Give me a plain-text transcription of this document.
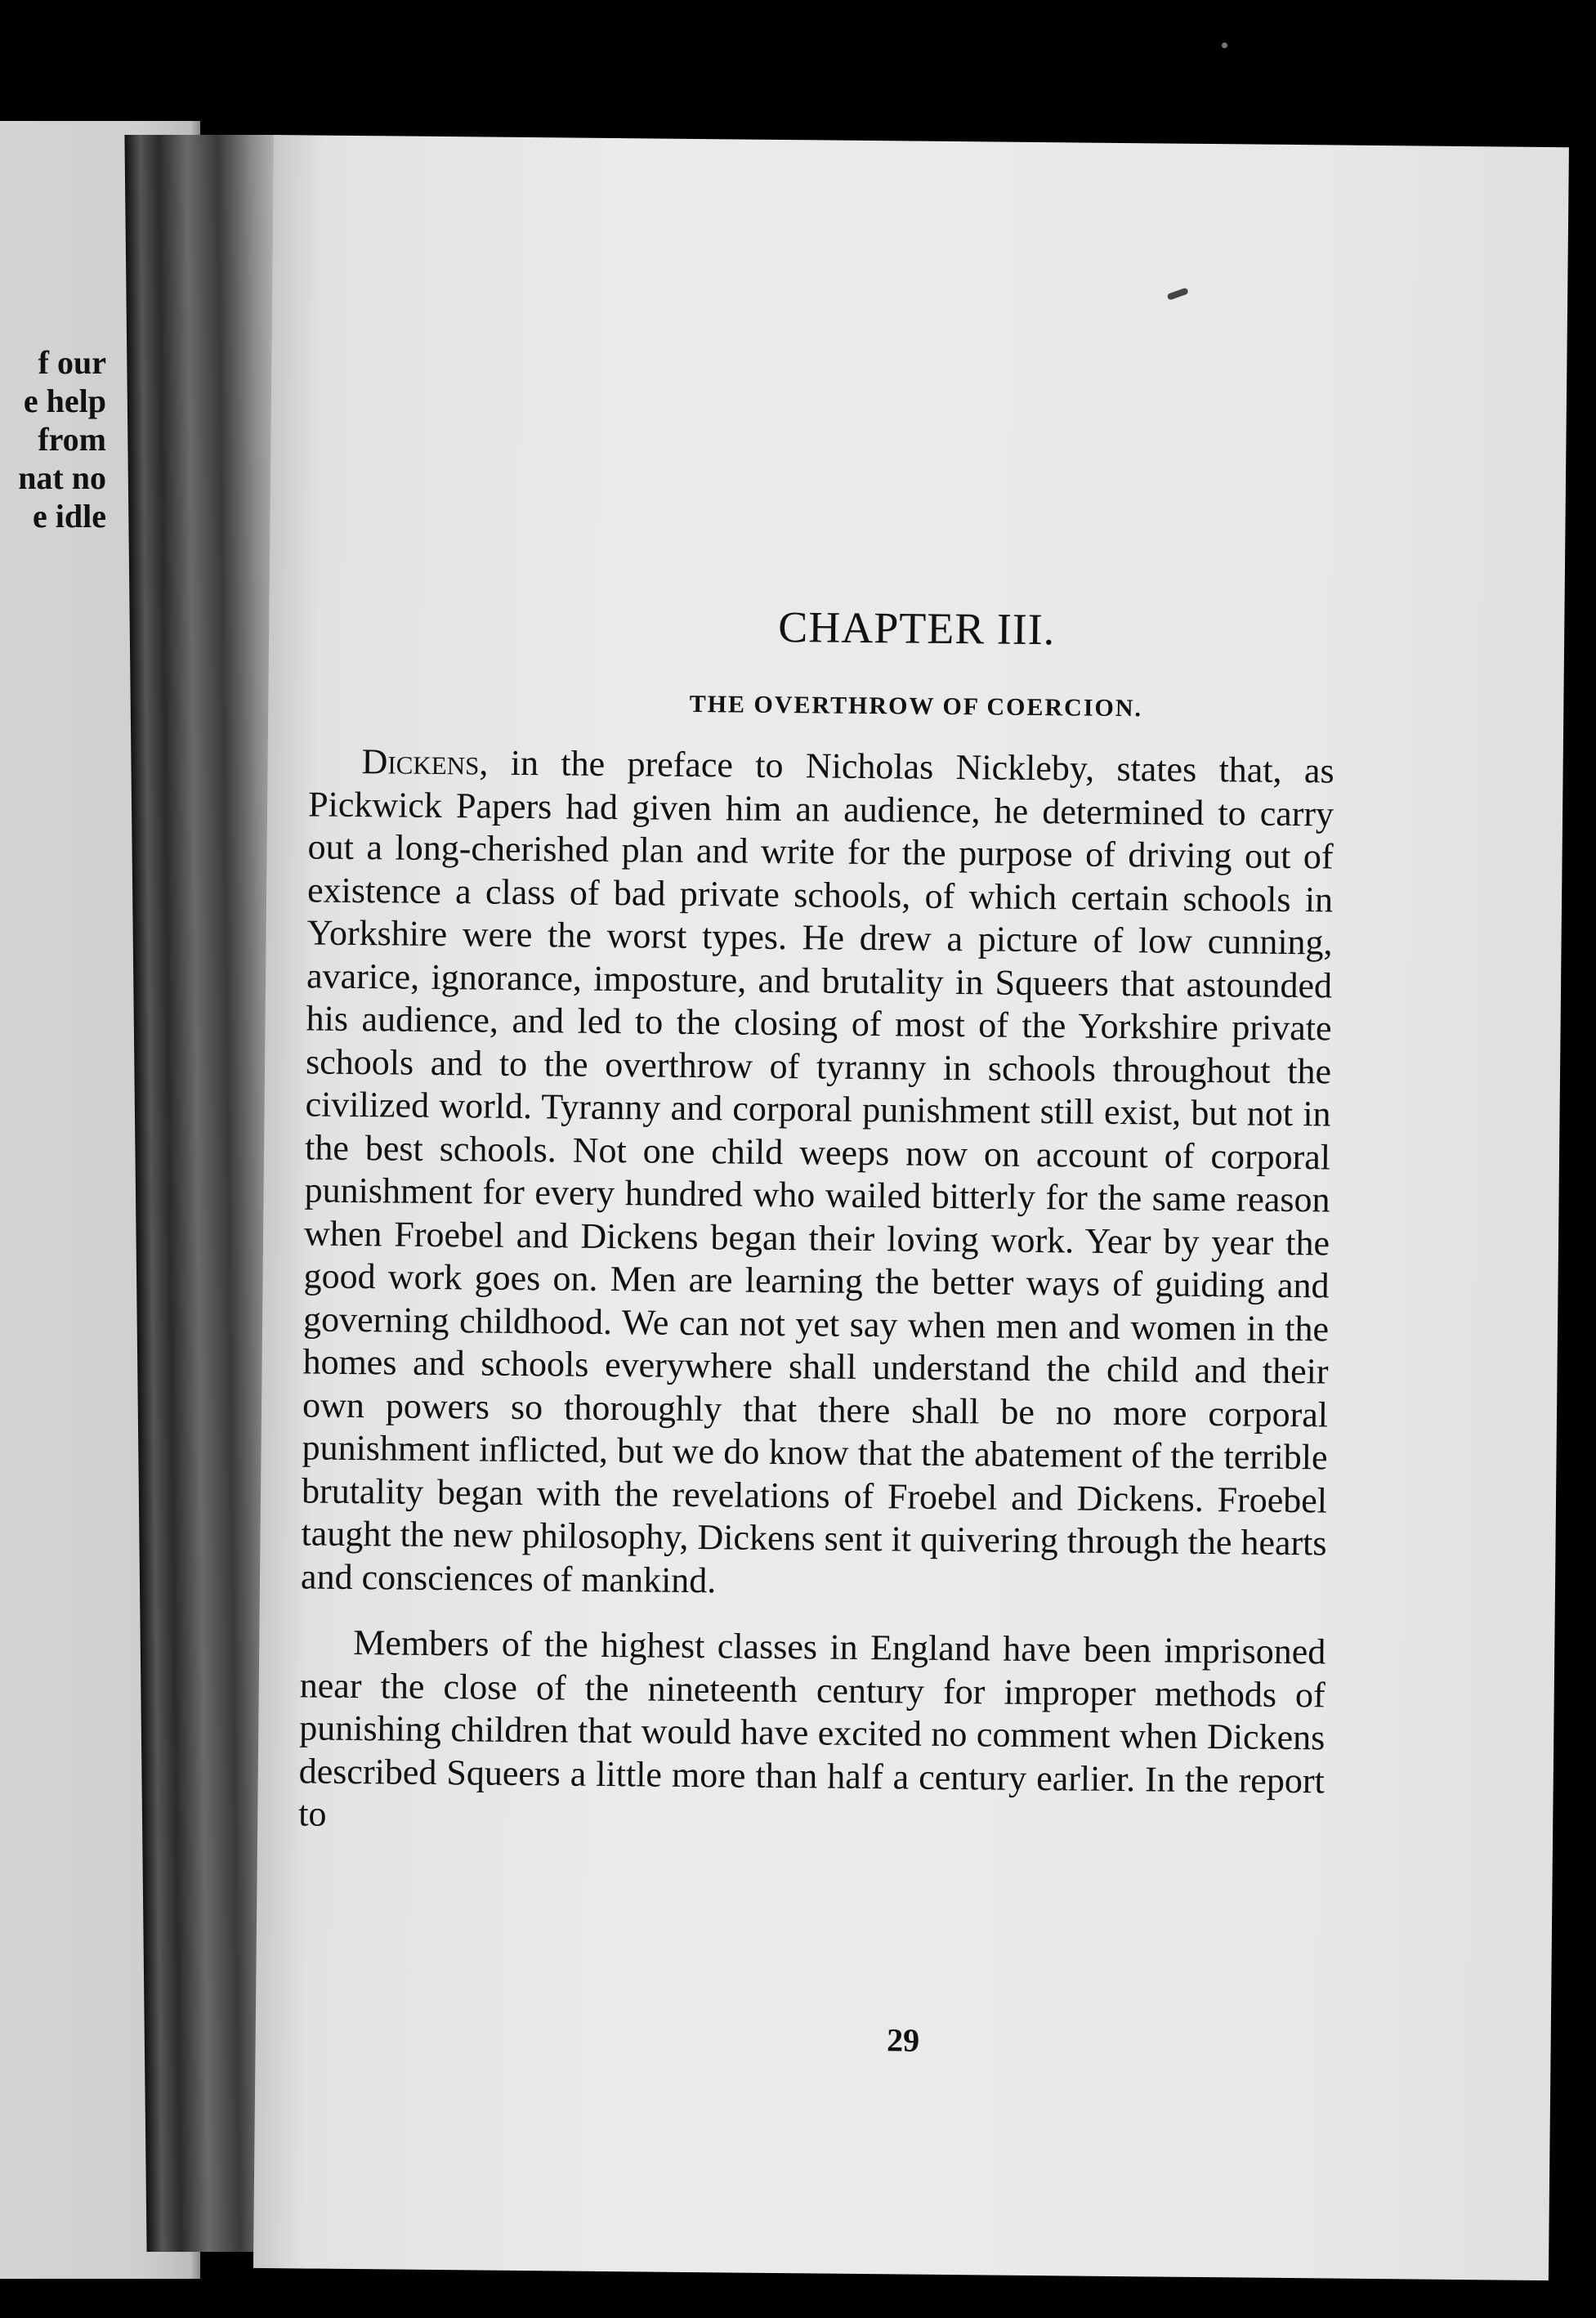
f our
e help
from
nat no
e idle
CHAPTER III.
THE OVERTHROW OF COERCION.

Dickens, in the preface to Nicholas Nickleby, states that, as Pickwick Papers had given him an audience, he determined to carry out a long-cherished plan and write for the purpose of driving out of existence a class of bad private schools, of which certain schools in Yorkshire were the worst types. He drew a picture of low cunning, avarice, ignorance, imposture, and brutality in Squeers that astounded his audience, and led to the closing of most of the Yorkshire private schools and to the overthrow of tyranny in schools throughout the civilized world. Tyranny and corporal punishment still exist, but not in the best schools. Not one child weeps now on account of corporal punishment for every hundred who wailed bitterly for the same reason when Froebel and Dickens began their loving work. Year by year the good work goes on. Men are learning the better ways of guiding and governing childhood. We can not yet say when men and women in the homes and schools everywhere shall understand the child and their own powers so thoroughly that there shall be no more corporal punishment inflicted, but we do know that the abatement of the terrible brutality began with the revelations of Froebel and Dickens. Froebel taught the new philosophy, Dickens sent it quivering through the hearts and consciences of mankind.

Members of the highest classes in England have been imprisoned near the close of the nineteenth century for improper methods of punishing children that would have excited no comment when Dickens described Squeers a little more than half a century earlier. In the report to

29
